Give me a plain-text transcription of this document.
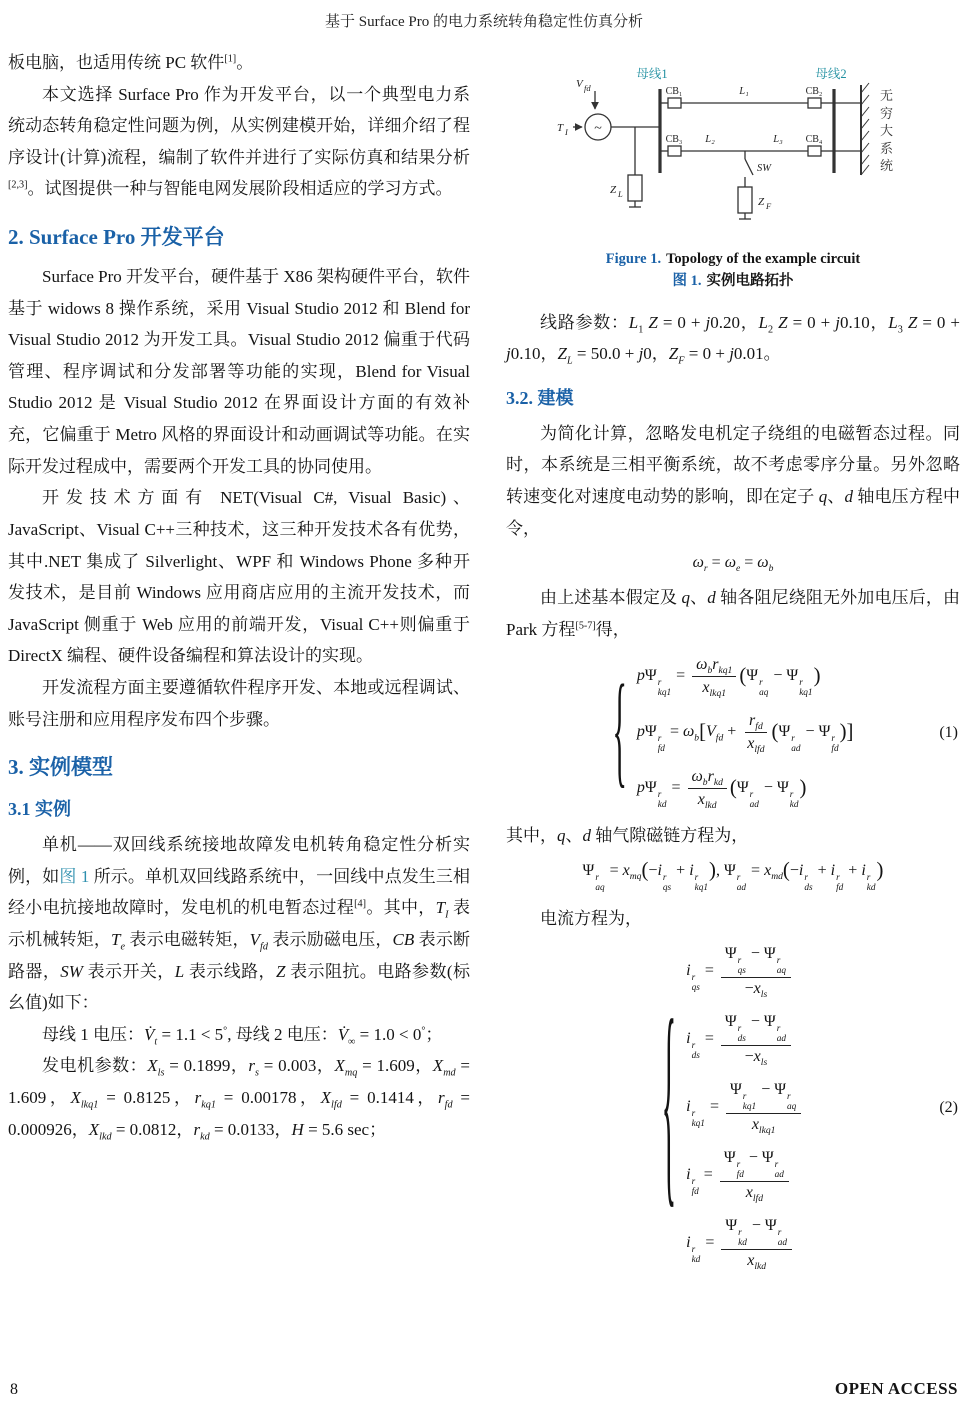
基于 Surface Pro 的电力系统转角稳定性仿真分析

板电脑，也适用传统 PC 软件[1]。

本文选择 Surface Pro 作为开发平台，以一个典型电力系统动态转角稳定性问题为例，从实例建模开始，详细介绍了程序设计(计算)流程，编制了软件并进行了实际仿真和结果分析[2,3]。试图提供一种与智能电网发展阶段相适应的学习方式。

2. Surface Pro 开发平台

Surface Pro 开发平台，硬件基于 X86 架构硬件平台，软件基于 widows 8 操作系统，采用 Visual Studio 2012 和 Blend for Visual Studio 2012 为开发工具。Visual Studio 2012 偏重于代码管理、程序调试和分发部署等功能的实现，Blend for Visual Studio 2012 是 Visual Studio 2012 在界面设计方面的有效补充，它偏重于 Metro 风格的界面设计和动画调试等功能。在实际开发过程成中，需要两个开发工具的协同使用。

开发技术方面有 NET(Visual C#, Visual Basic)、JavaScript、Visual C++三种技术，这三种开发技术各有优势，其中.NET 集成了 Silverlight、WPF 和 Windows Phone 多种开发技术，是目前 Windows 应用商店应用的主流开发技术，而 JavaScript 侧重于 Web 应用的前端开发，Visual C++则偏重于 DirectX 编程、硬件设备编程和算法设计的实现。

开发流程方面主要遵循软件程序开发、本地或远程调试、账号注册和应用程序发布四个步骤。

3. 实例模型
3.1 实例

单机——双回线系统接地故障发电机转角稳定性分析实例，如图 1 所示。单机双回线路系统中，一回线中点发生三相经小电抗接地故障时，发电机的机电暂态过程[4]。其中，$T_I$ 表示机械转矩，$T_e$ 表示电磁转矩，$V_{fd}$ 表示励磁电压，CB 表示断路器，SW 表示开关，L 表示线路，Z 表示阻抗。电路参数(标幺值)如下：

母线 1 电压：$V̇_t = 1.1 < 5^\circ$, 母线 2 电压：$V̇_\infty = 1.0 < 0^\circ$；

发电机参数：$X_{ls} = 0.1899$，$r_s = 0.003$，$X_{mq} = 1.609$，$X_{md} = 1.609$，$X_{lkq1} = 0.8125$，$r_{kq1} = 0.00178$，$X_{lfd} = 0.1414$，$r_{fd} = 0.000926$，$X_{lkd} = 0.0812$，$r_{kd} = 0.0133$，H = 5.6 sec；

~
V fd
T I
母线1	母线2
CB₁	L₁	CB₂
CB₃ L₂	L₃ CB₄
SW
Z L
Z F
无穷大系统
Figure 1. Topology of the example circuit
图 1. 实例电路拓扑

线路参数：$L_1$ Z = 0 + j0.20，$L_2$ Z = 0 + j0.10，$L_3$ Z = 0 + j0.10，$Z_L = 50.0 + j0$，$Z_F = 0 + j0.01$。

3.2. 建模

为简化计算，忽略发电机定子绕组的电磁暂态过程。同时，本系统是三相平衡系统，故不考虑零序分量。另外忽略转速变化对速度电动势的影响，即在定子 q、d 轴电压方程中令，

$\omega_r = \omega_e = \omega_b$

由上述基本假定及 q、d 轴各阻尼绕阻无外加电压后，由 Park 方程[5-7]得，

{ pΨ r
kq1
= $\frac{\omega_br_{kq1}}{x_{lkq1}} (\Psi$ r
aq
− Ψ r
kq1
)
pΨ r
fd
= $\omega_b[V_{fd} + \frac{r_{fd}}{x_{lfd}} (\Psi$ r
ad
− Ψ r
fd
)]
pΨ r
kd
= $\frac{\omega_br_{kd}}{x_{lkd}} (\Psi$ r
ad
− Ψ r
kd
)
(1)

其中，q、d 轴气隙磁链方程为，

Ψ r
aq
= $x_{mq}(-i$ r
qs
+ i r
kq1
), Ψ r
ad
= $x_{md}(-i$ r
ds
+ i r
fd
+ i r
kd
)

电流方程为，

{
i r
qs
= Ψ r
qs
− Ψ r
aq
$-x_{ls}$
i r
ds
= Ψ r
ds
− Ψ r
ad
$-x_{ls}$
i r
kq1
= Ψ r
kq1
− Ψ r
aq
$x_{lkq1}$
i r
fd
= Ψ r
fd
− Ψ r
ad
$x_{lfd}$
i r
kd
= Ψ r
kd
− Ψ r
ad
$x_{lkd}$
(2)
8	OPEN ACCESS
